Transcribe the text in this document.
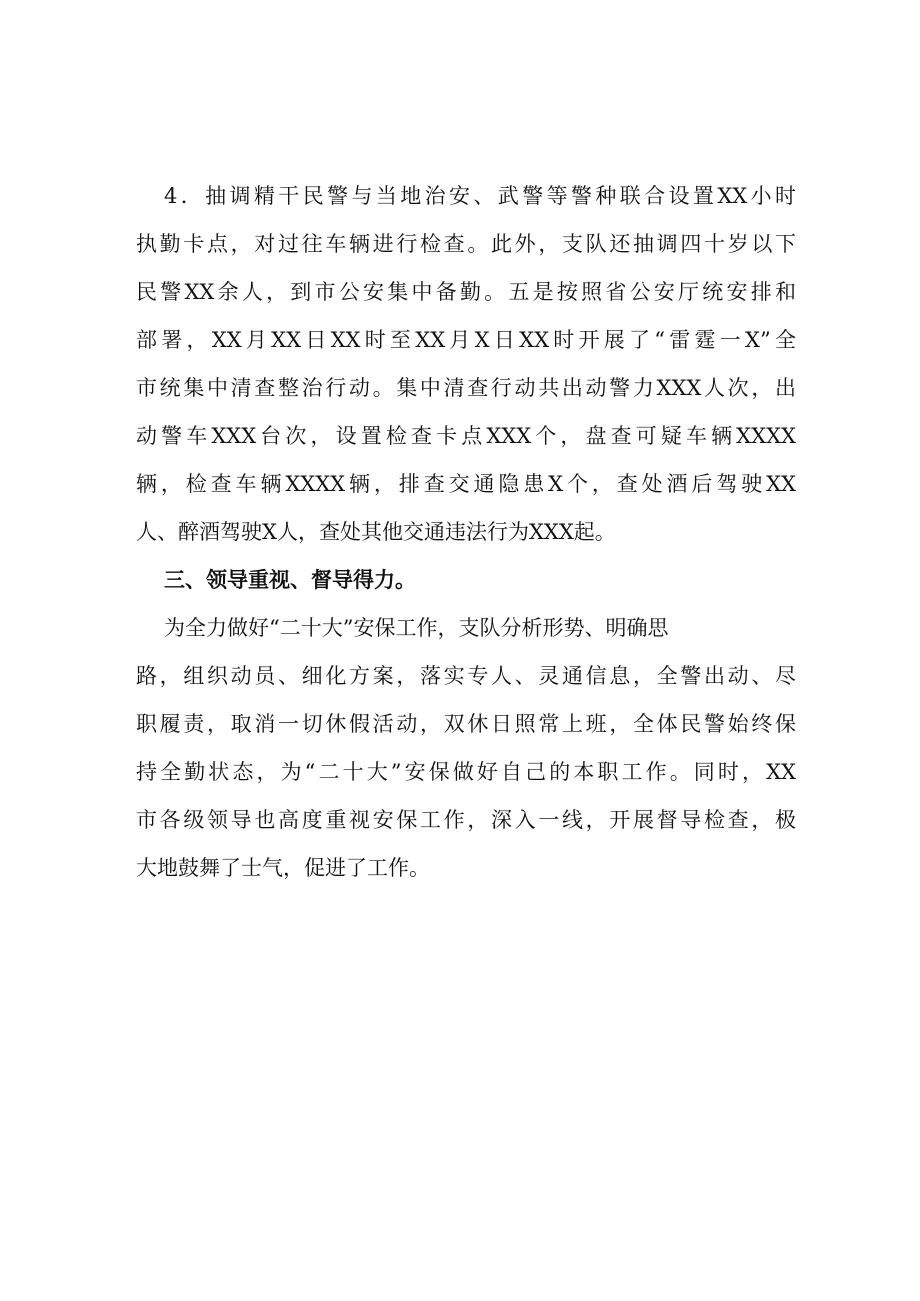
4．抽调精干民警与当地治安、武警等警种联合设置XX小时
执勤卡点，对过往车辆进行检查。此外，支队还抽调四十岁以下
民警XX余人，到市公安集中备勤。五是按照省公安厅统安排和
部署，XX月XX日XX时至XX月X日XX时开展了“雷霆一X”全
市统集中清查整治行动。集中清查行动共出动警力XXX人次，出
动警车XXX台次，设置检查卡点XXX个，盘查可疑车辆XXXX
辆，检查车辆XXXX辆，排查交通隐患X个，查处酒后驾驶XX
人、醉酒驾驶X人，查处其他交通违法行为XXX起。
三、领导重视、督导得力。
为全力做好“二十大”安保工作，支队分析形势、明确思
路，组织动员、细化方案，落实专人、灵通信息，全警出动、尽
职履责，取消一切休假活动，双休日照常上班，全体民警始终保
持全勤状态，为“二十大”安保做好自己的本职工作。同时，XX
市各级领导也高度重视安保工作，深入一线，开展督导检查，极
大地鼓舞了士气，促进了工作。
